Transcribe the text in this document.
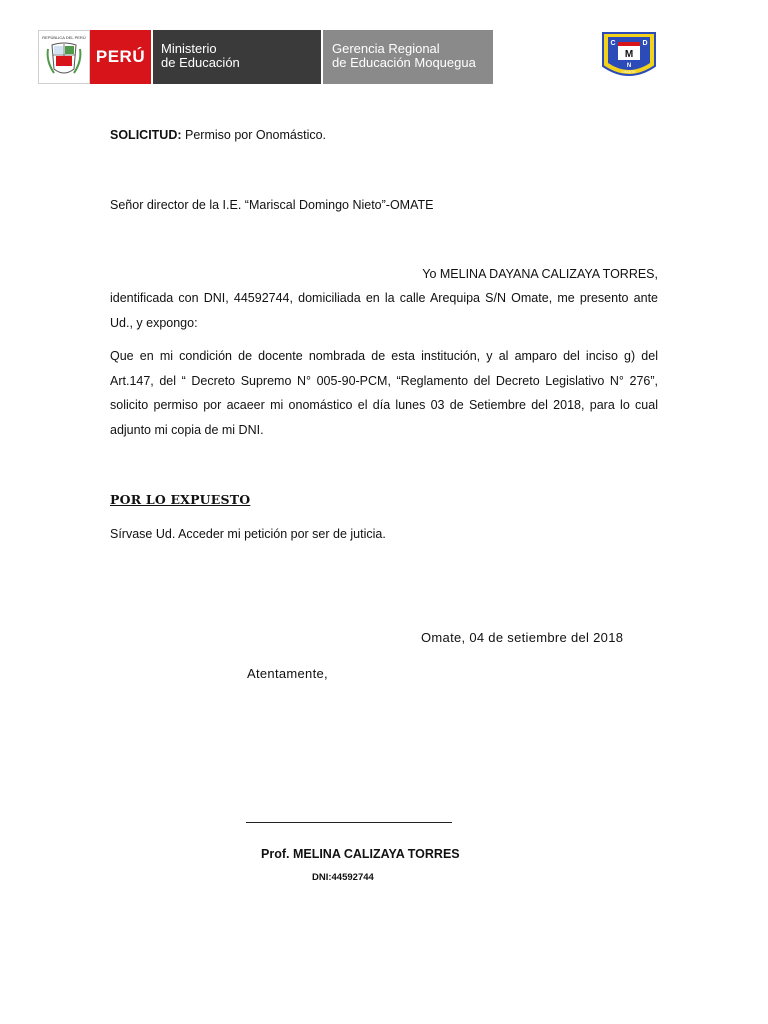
REPÚBLICA DEL PERÚ
PERÚ Ministerio
de Educación
Gerencia Regional
de Educación Moquegua
C
M
D
N
OMATE
SOLICITUD: Permiso por Onomástico.
Señor director de la I.E. “Mariscal Domingo Nieto”-OMATE
Yo MELINA DAYANA CALIZAYA TORRES,
identificada con DNI, 44592744, domiciliada en la calle Arequipa S/N Omate, me presento ante
Ud., y expongo:
Que en mi condición de docente nombrada de esta institución, y al amparo del inciso g) del
Art.147, del “ Decreto Supremo N° 005-90-PCM, “Reglamento del Decreto Legislativo N° 276”,
solicito permiso por acaeer mi onomástico el día lunes 03 de Setiembre del 2018, para lo cual
adjunto mi copia de mi DNI.
POR LO EXPUESTO
Sírvase Ud. Acceder mi petición por ser de juticia.
Omate, 04 de setiembre del 2018
Atentamente,
Prof. MELINA CALIZAYA TORRES
DNI:44592744
